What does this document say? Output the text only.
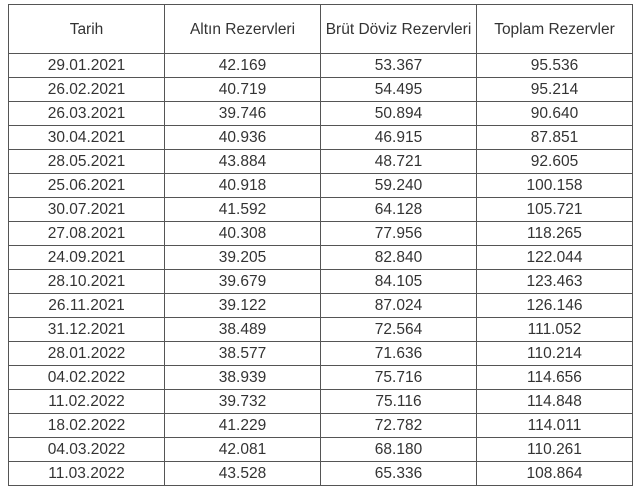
Tarih	Altın Rezervleri	Brüt Döviz Rezervleri	Toplam Rezervler
29.01.2021	42.169	53.367	95.536
26.02.2021	40.719	54.495	95.214
26.03.2021	39.746	50.894	90.640
30.04.2021	40.936	46.915	87.851
28.05.2021	43.884	48.721	92.605
25.06.2021	40.918	59.240	100.158
30.07.2021	41.592	64.128	105.721
27.08.2021	40.308	77.956	118.265
24.09.2021	39.205	82.840	122.044
28.10.2021	39.679	84.105	123.463
26.11.2021	39.122	87.024	126.146
31.12.2021	38.489	72.564	111.052
28.01.2022	38.577	71.636	110.214
04.02.2022	38.939	75.716	114.656
11.02.2022	39.732	75.116	114.848
18.02.2022	41.229	72.782	114.011
04.03.2022	42.081	68.180	110.261
11.03.2022	43.528	65.336	108.864
